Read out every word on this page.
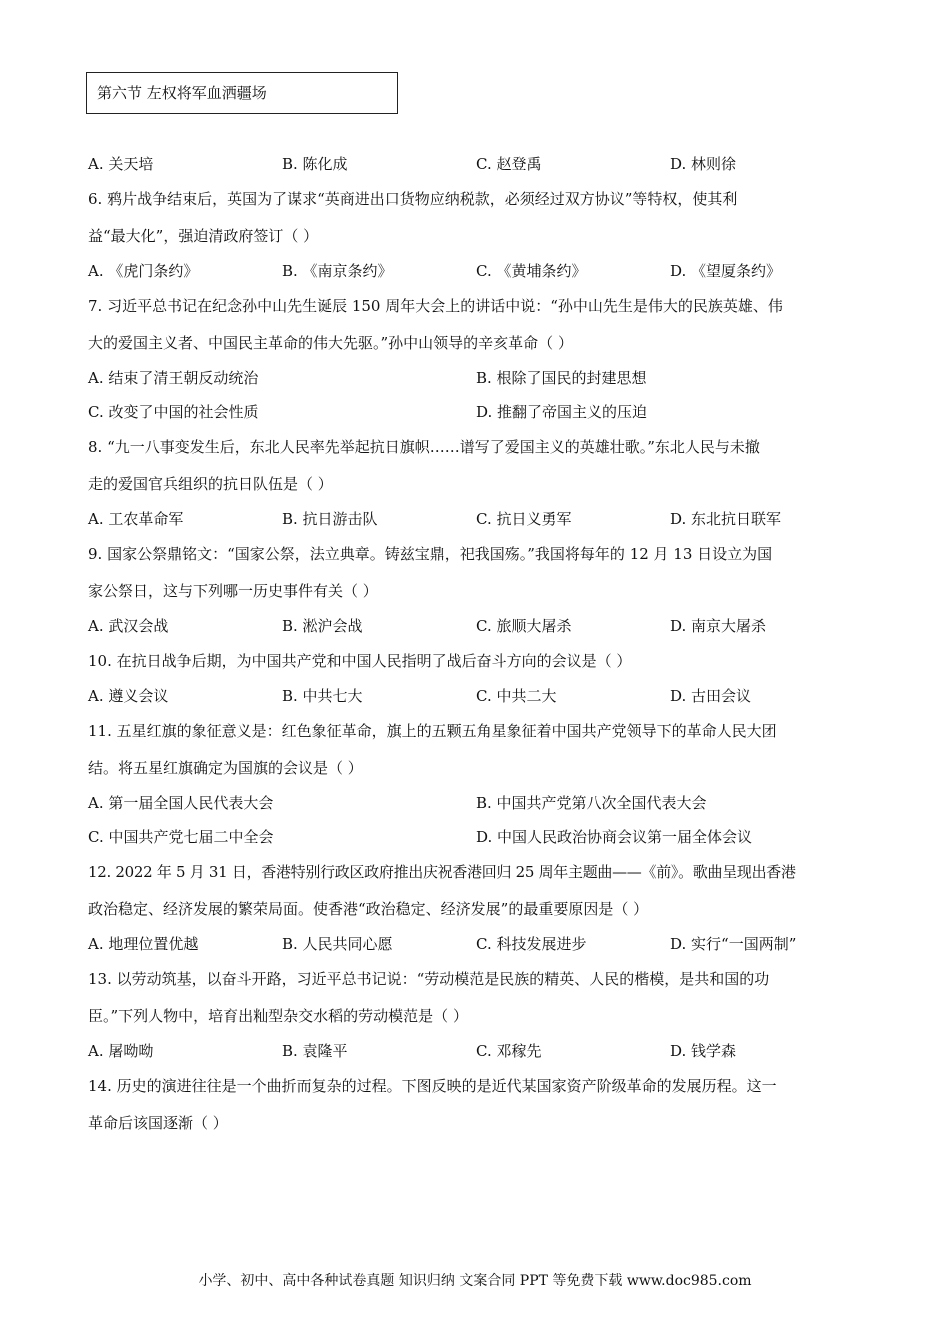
第六节 左权将军血洒疆场
A. 关天培	B. 陈化成	C. 赵登禹	D. 林则徐
6. 鸦片战争结束后，英国为了谋求“英商进出口货物应纳税款，必须经过双方协议”等特权，使其利
益“最大化”，强迫清政府签订（ ）
A. 《虎门条约》	B. 《南京条约》	C. 《黄埔条约》	D. 《望厦条约》
7. 习近平总书记在纪念孙中山先生诞辰 150 周年大会上的讲话中说：“孙中山先生是伟大的民族英雄、伟
大的爱国主义者、中国民主革命的伟大先驱。”孙中山领导的辛亥革命（ ）
A. 结束了清王朝反动统治	B. 根除了国民的封建思想
C. 改变了中国的社会性质	D. 推翻了帝国主义的压迫
8. “九一八事变发生后，东北人民率先举起抗日旗帜……谱写了爱国主义的英雄壮歌。”东北人民与未撤
走的爱国官兵组织的抗日队伍是（ ）
A. 工农革命军	B. 抗日游击队	C. 抗日义勇军	D. 东北抗日联军
9. 国家公祭鼎铭文：“国家公祭，法立典章。铸兹宝鼎，祀我国殇。”我国将每年的 12 月 13 日设立为国
家公祭日，这与下列哪一历史事件有关（ ）
A. 武汉会战	B. 淞沪会战	C. 旅顺大屠杀	D. 南京大屠杀
10. 在抗日战争后期，为中国共产党和中国人民指明了战后奋斗方向的会议是（ ）
A. 遵义会议	B. 中共七大	C. 中共二大	D. 古田会议
11. 五星红旗的象征意义是：红色象征革命，旗上的五颗五角星象征着中国共产党领导下的革命人民大团
结。将五星红旗确定为国旗的会议是（ ）
A. 第一届全国人民代表大会	B. 中国共产党第八次全国代表大会
C. 中国共产党七届二中全会	D. 中国人民政治协商会议第一届全体会议
12. 2022 年 5 月 31 日，香港特别行政区政府推出庆祝香港回归 25 周年主题曲——《前》。歌曲呈现出香港
政治稳定、经济发展的繁荣局面。使香港“政治稳定、经济发展”的最重要原因是（ ）
A. 地理位置优越	B. 人民共同心愿	C. 科技发展进步	D. 实行“一国两制”
13. 以劳动筑基，以奋斗开路，习近平总书记说：“劳动模范是民族的精英、人民的楷模，是共和国的功
臣。”下列人物中，培育出籼型杂交水稻的劳动模范是（ ）
A. 屠呦呦	B. 袁隆平	C. 邓稼先	D. 钱学森
14. 历史的演进往往是一个曲折而复杂的过程。下图反映的是近代某国家资产阶级革命的发展历程。这一
革命后该国逐渐（ ）
小学、初中、高中各种试卷真题 知识归纳 文案合同 PPT 等免费下载 www.doc985.com
